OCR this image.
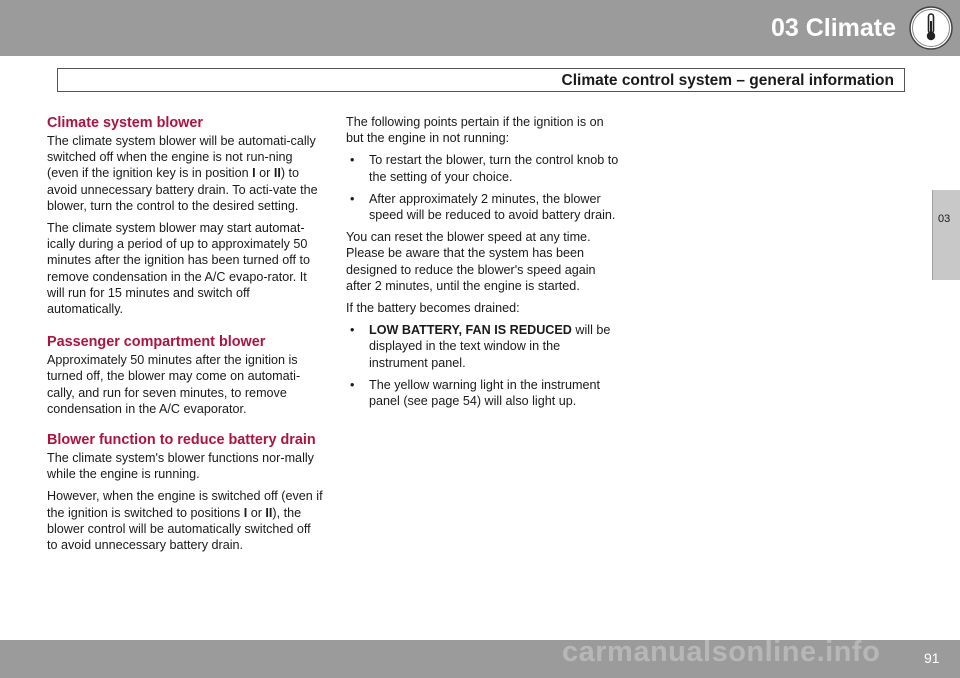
03 Climate
Climate control system – general information
03
Climate system blower

The climate system blower will be automati-cally switched off when the engine is not run-ning (even if the ignition key is in position I or II) to avoid unnecessary battery drain. To acti-vate the blower, turn the control to the desired setting.

The climate system blower may start automat-ically during a period of up to approximately 50 minutes after the ignition has been turned off to remove condensation in the A/C evapo-rator. It will run for 15 minutes and switch off automatically.

Passenger compartment blower

Approximately 50 minutes after the ignition is turned off, the blower may come on automati-cally, and run for seven minutes, to remove condensation in the A/C evaporator.

Blower function to reduce battery drain

The climate system's blower functions nor-mally while the engine is running.

However, when the engine is switched off (even if the ignition is switched to positions I or II), the blower control will be automatically switched off to avoid unnecessary battery drain.

The following points pertain if the ignition is on but the engine in not running:

• To restart the blower, turn the control knob to the setting of your choice.
• After approximately 2 minutes, the blower speed will be reduced to avoid battery drain.

You can reset the blower speed at any time. Please be aware that the system has been designed to reduce the blower's speed again after 2 minutes, until the engine is started.

If the battery becomes drained:

• LOW BATTERY, FAN IS REDUCED will be displayed in the text window in the instrument panel.
• The yellow warning light in the instrument panel (see page 54) will also light up.
carmanualsonline.info	91
